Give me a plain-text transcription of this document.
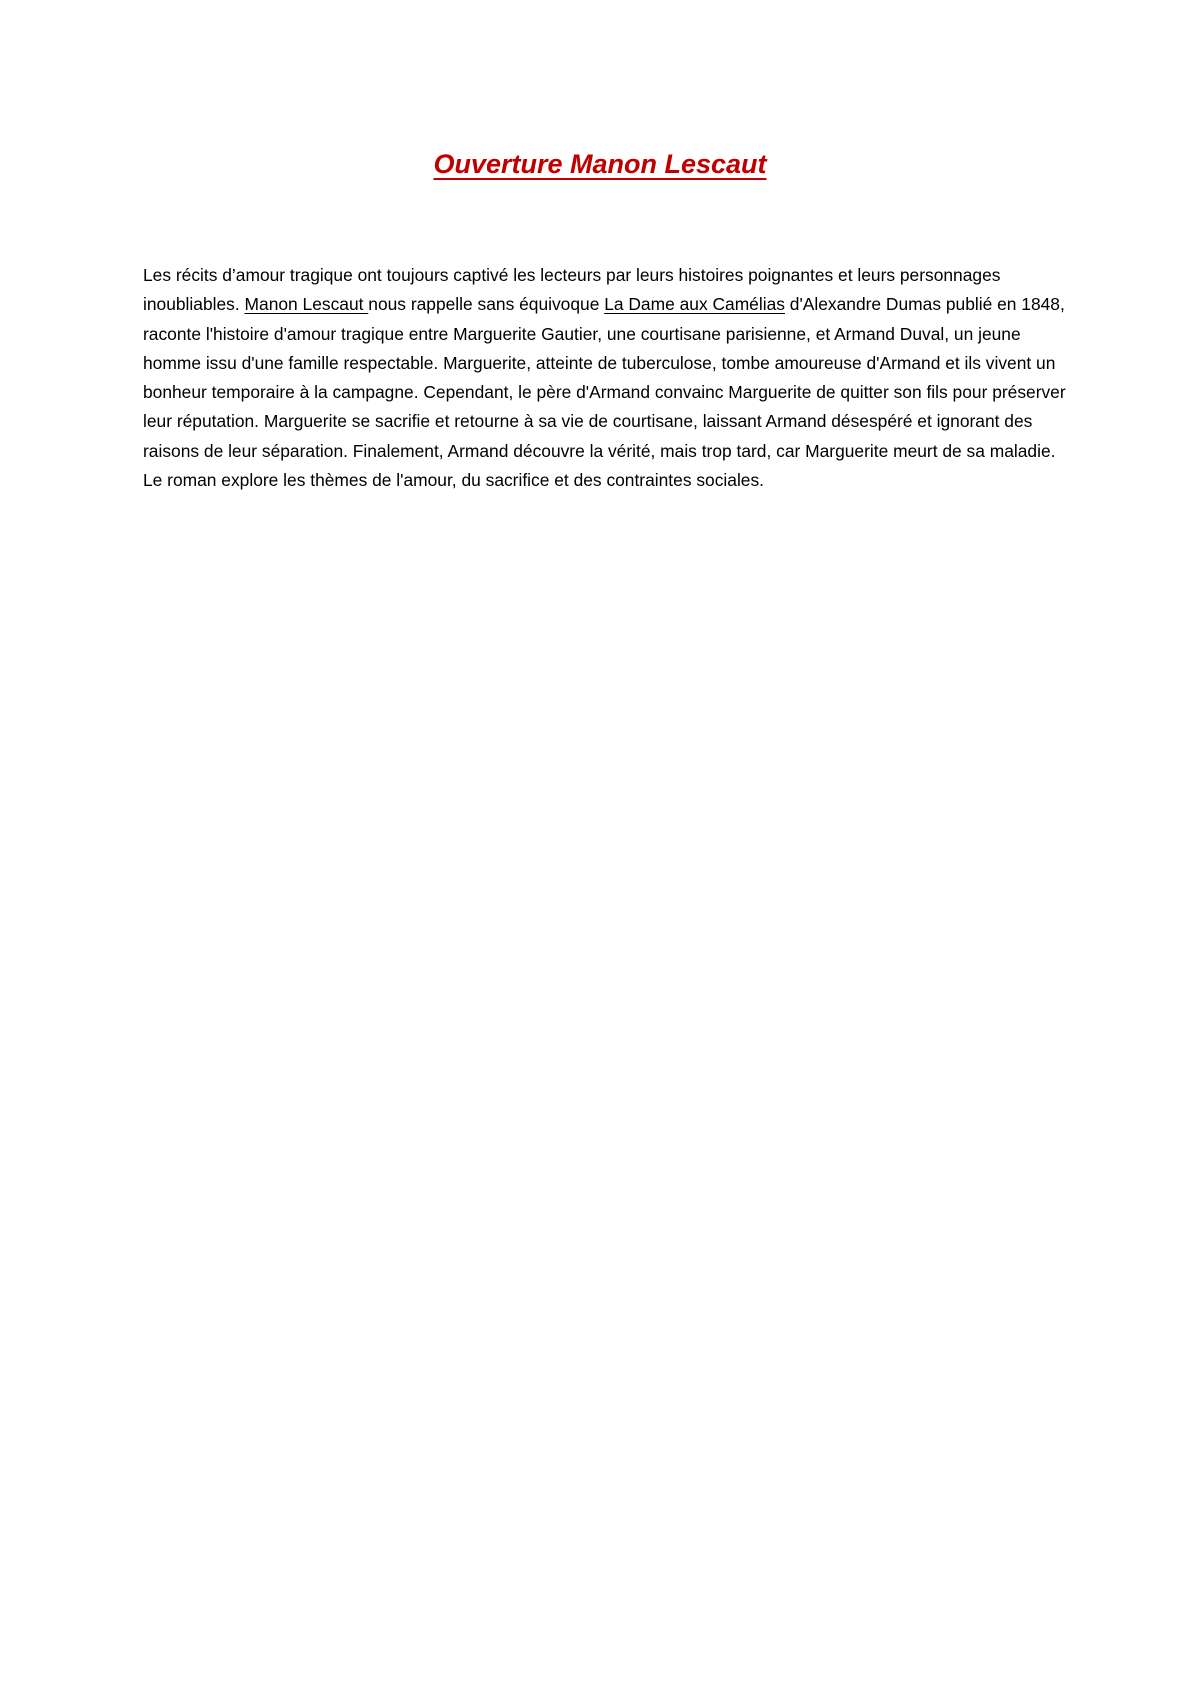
Ouverture Manon Lescaut

Les récits d’amour tragique ont toujours captivé les lecteurs par leurs histoires poignantes et leurs personnages inoubliables. Manon Lescaut nous rappelle sans équivoque La Dame aux Camélias d'Alexandre Dumas publié en 1848, raconte l'histoire d'amour tragique entre Marguerite Gautier, une courtisane parisienne, et Armand Duval, un jeune homme issu d'une famille respectable. Marguerite, atteinte de tuberculose, tombe amoureuse d'Armand et ils vivent un bonheur temporaire à la campagne. Cependant, le père d'Armand convainc Marguerite de quitter son fils pour préserver leur réputation. Marguerite se sacrifie et retourne à sa vie de courtisane, laissant Armand désespéré et ignorant des raisons de leur séparation. Finalement, Armand découvre la vérité, mais trop tard, car Marguerite meurt de sa maladie. Le roman explore les thèmes de l'amour, du sacrifice et des contraintes sociales.
